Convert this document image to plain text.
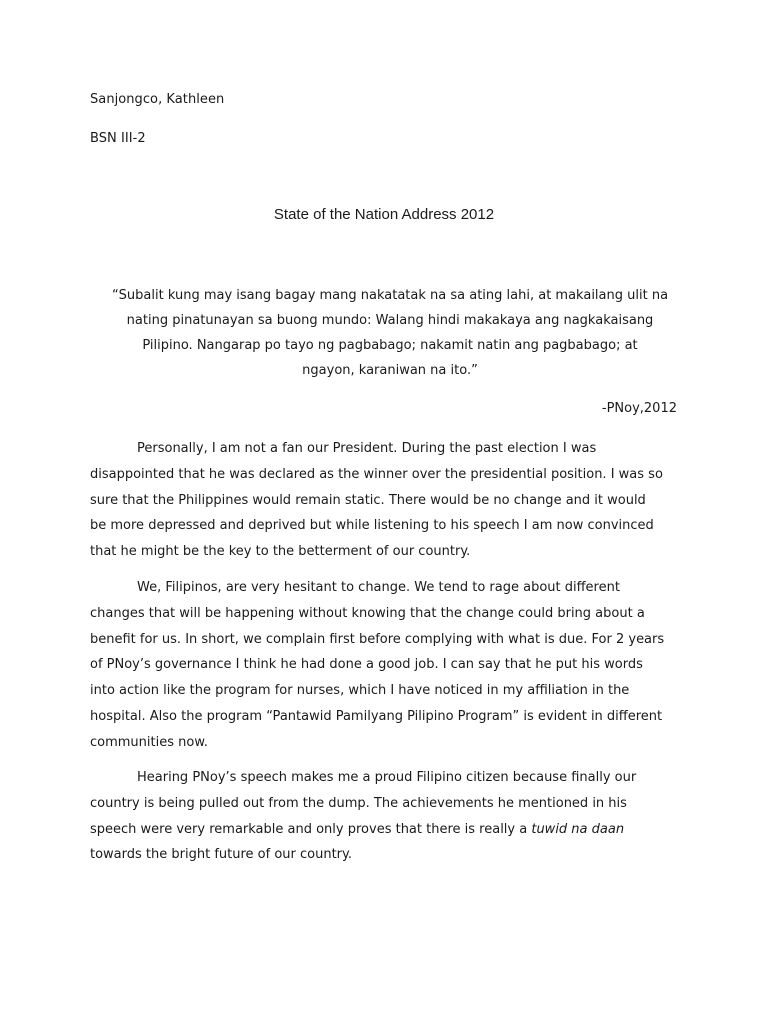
Sanjongco, Kathleen
BSN III-2
State of the Nation Address 2012
“Subalit kung may isang bagay mang nakatatak na sa ating lahi, at makailang ulit na
nating pinatunayan sa buong mundo: Walang hindi makakaya ang nagkakaisang
Pilipino. Nangarap po tayo ng pagbabago; nakamit natin ang pagbabago; at
ngayon, karaniwan na ito.”
-PNoy,2012
Personally, I am not a fan our President. During the past election I was
disappointed that he was declared as the winner over the presidential position. I was so
sure that the Philippines would remain static. There would be no change and it would
be more depressed and deprived but while listening to his speech I am now convinced
that he might be the key to the betterment of our country.
We, Filipinos, are very hesitant to change. We tend to rage about different
changes that will be happening without knowing that the change could bring about a
benefit for us. In short, we complain first before complying with what is due. For 2 years
of PNoy’s governance I think he had done a good job. I can say that he put his words
into action like the program for nurses, which I have noticed in my affiliation in the
hospital. Also the program “Pantawid Pamilyang Pilipino Program” is evident in different
communities now.
Hearing PNoy’s speech makes me a proud Filipino citizen because finally our
country is being pulled out from the dump. The achievements he mentioned in his
speech were very remarkable and only proves that there is really a tuwid na daan
towards the bright future of our country.
